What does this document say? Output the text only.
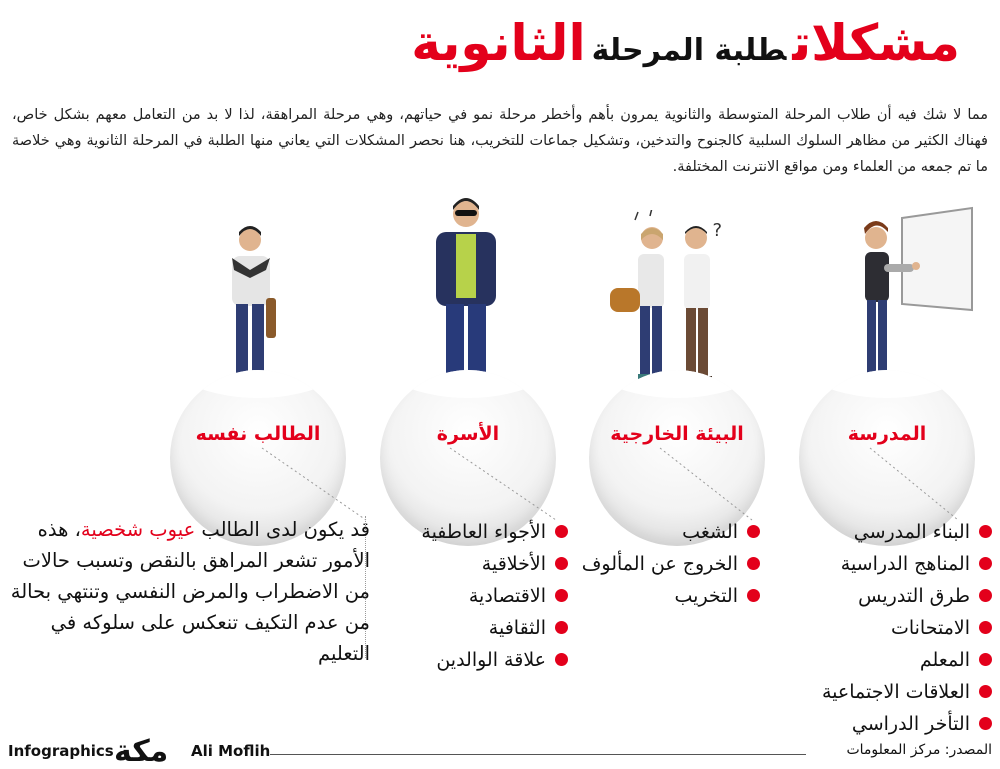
مشكلاتطلبة المرحلةالثانوية
مما لا شك فيه أن طلاب المرحلة المتوسطة والثانوية يمرون بأهم وأخطر مرحلة نمو في حياتهم، وهي مرحلة المراهقة، لذا لا بد من التعامل معهم بشكل خاص، فهناك الكثير من مظاهر السلوك السلبية كالجنوح والتدخين، وتشكيل جماعات للتخريب، هنا نحصر المشكلات التي يعاني منها الطلبة في المرحلة الثانوية وهي خلاصة ما تم جمعه من العلماء ومن مواقع الانترنت المختلفة.
?
المدرسة
البيئة الخارجية
الأسرة
الطالب نفسه
البناء المدرسي
المناهج الدراسية
طرق التدريس
الامتحانات
المعلم
العلاقات الاجتماعية
التأخر الدراسي
الشغب
الخروج عن المألوف
التخريب
الأجواء العاطفية
الأخلاقية
الاقتصادية
الثقافية
علاقة الوالدين
قد يكون لدى الطالب عيوب شخصية، هذه الأمور تشعر المراهق بالنقص وتسبب حالات من الاضطراب والمرض النفسي وتنتهي بحالة من عدم التكيف تنعكس على سلوكه في التعليم
Infographics مكة Ali Moflih	المصدر: مركز المعلومات
